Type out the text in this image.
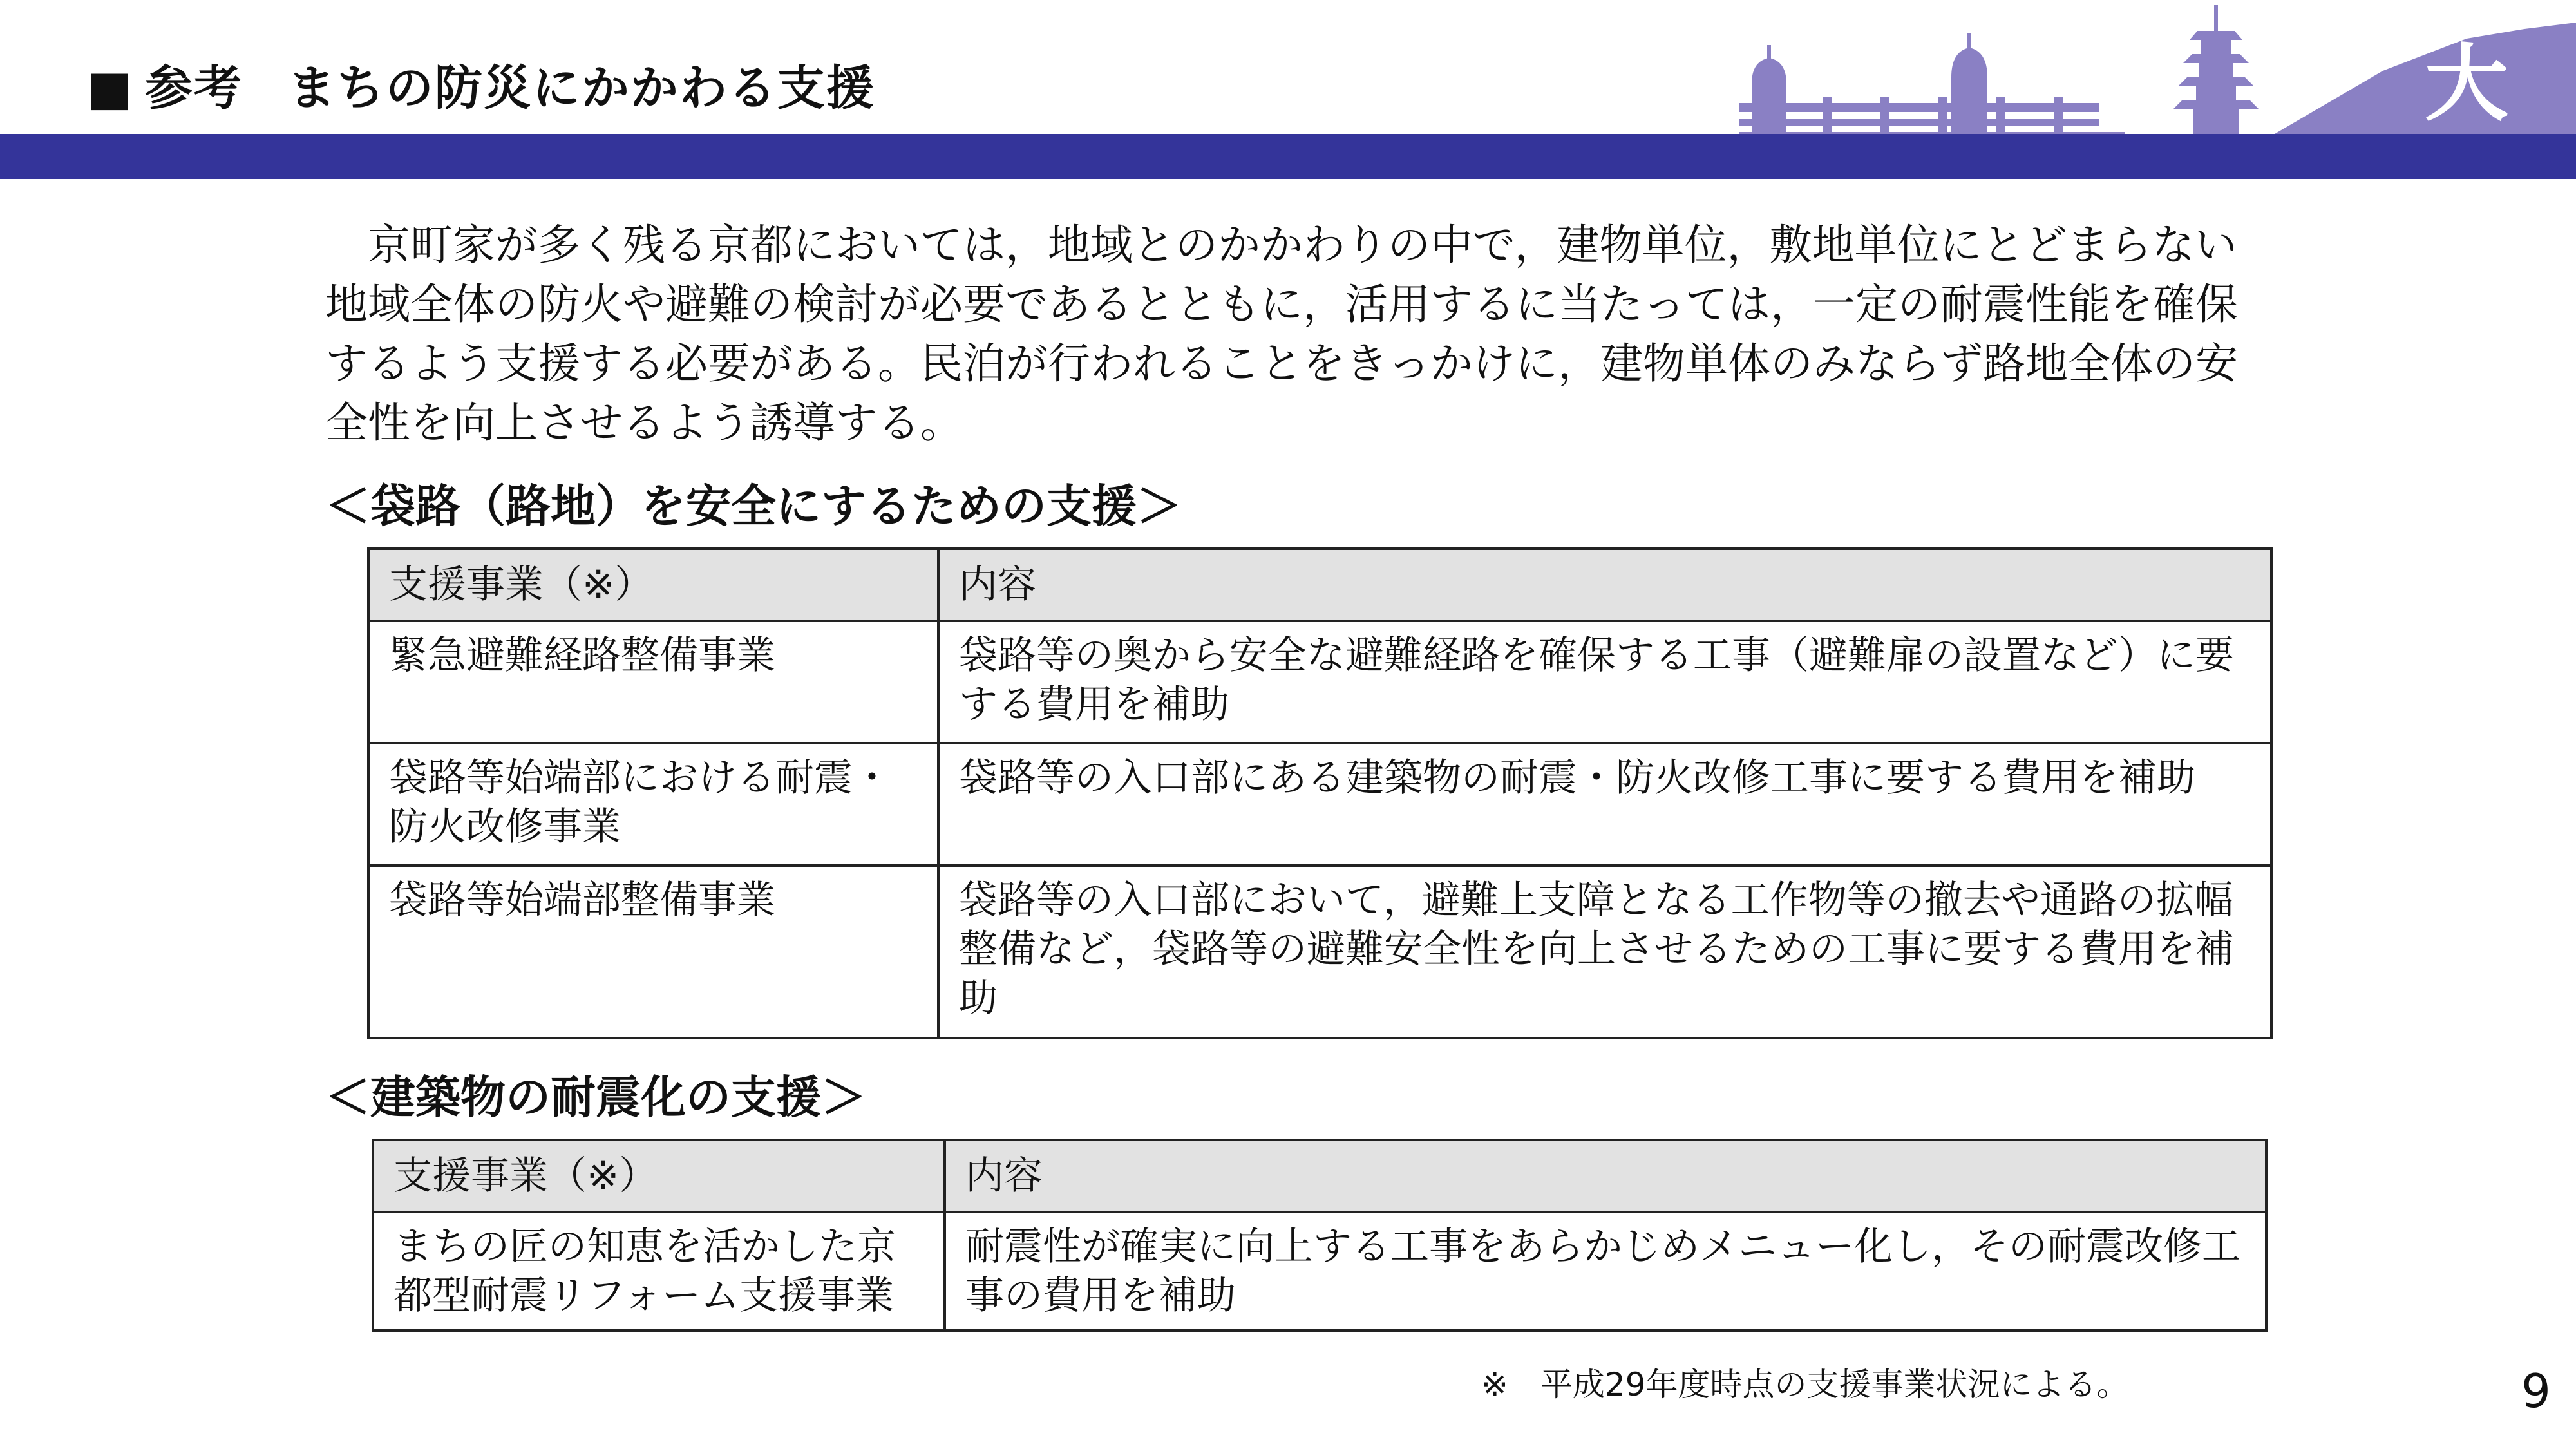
■ 参考 まちの防災にかかわる支援	大

京町家が多く残る京都においては，地域とのかかわりの中で，建物単位，敷地単位にとどまらない地域全体の防火や避難の検討が必要であるとともに，活用するに当たっては，一定の耐震性能を確保するよう支援する必要がある。民泊が行われることをきっかけに，建物単体のみならず路地全体の安全性を向上させるよう誘導する。

＜袋路（路地）を安全にするための支援＞
支援事業（※）	内容
緊急避難経路整備事業	袋路等の奥から安全な避難経路を確保する工事（避難扉の設置など）に要する費用を補助
袋路等始端部における耐震・防火改修事業	袋路等の入口部にある建築物の耐震・防火改修工事に要する費用を補助
袋路等始端部整備事業	袋路等の入口部において，避難上支障となる工作物等の撤去や通路の拡幅整備など，袋路等の避難安全性を向上させるための工事に要する費用を補助
＜建築物の耐震化の支援＞
支援事業（※）	内容
まちの匠の知恵を活かした京都型耐震リフォーム支援事業	耐震性が確実に向上する工事をあらかじめメニュー化し，その耐震改修工事の費用を補助
※　平成29年度時点の支援事業状況による。	9
